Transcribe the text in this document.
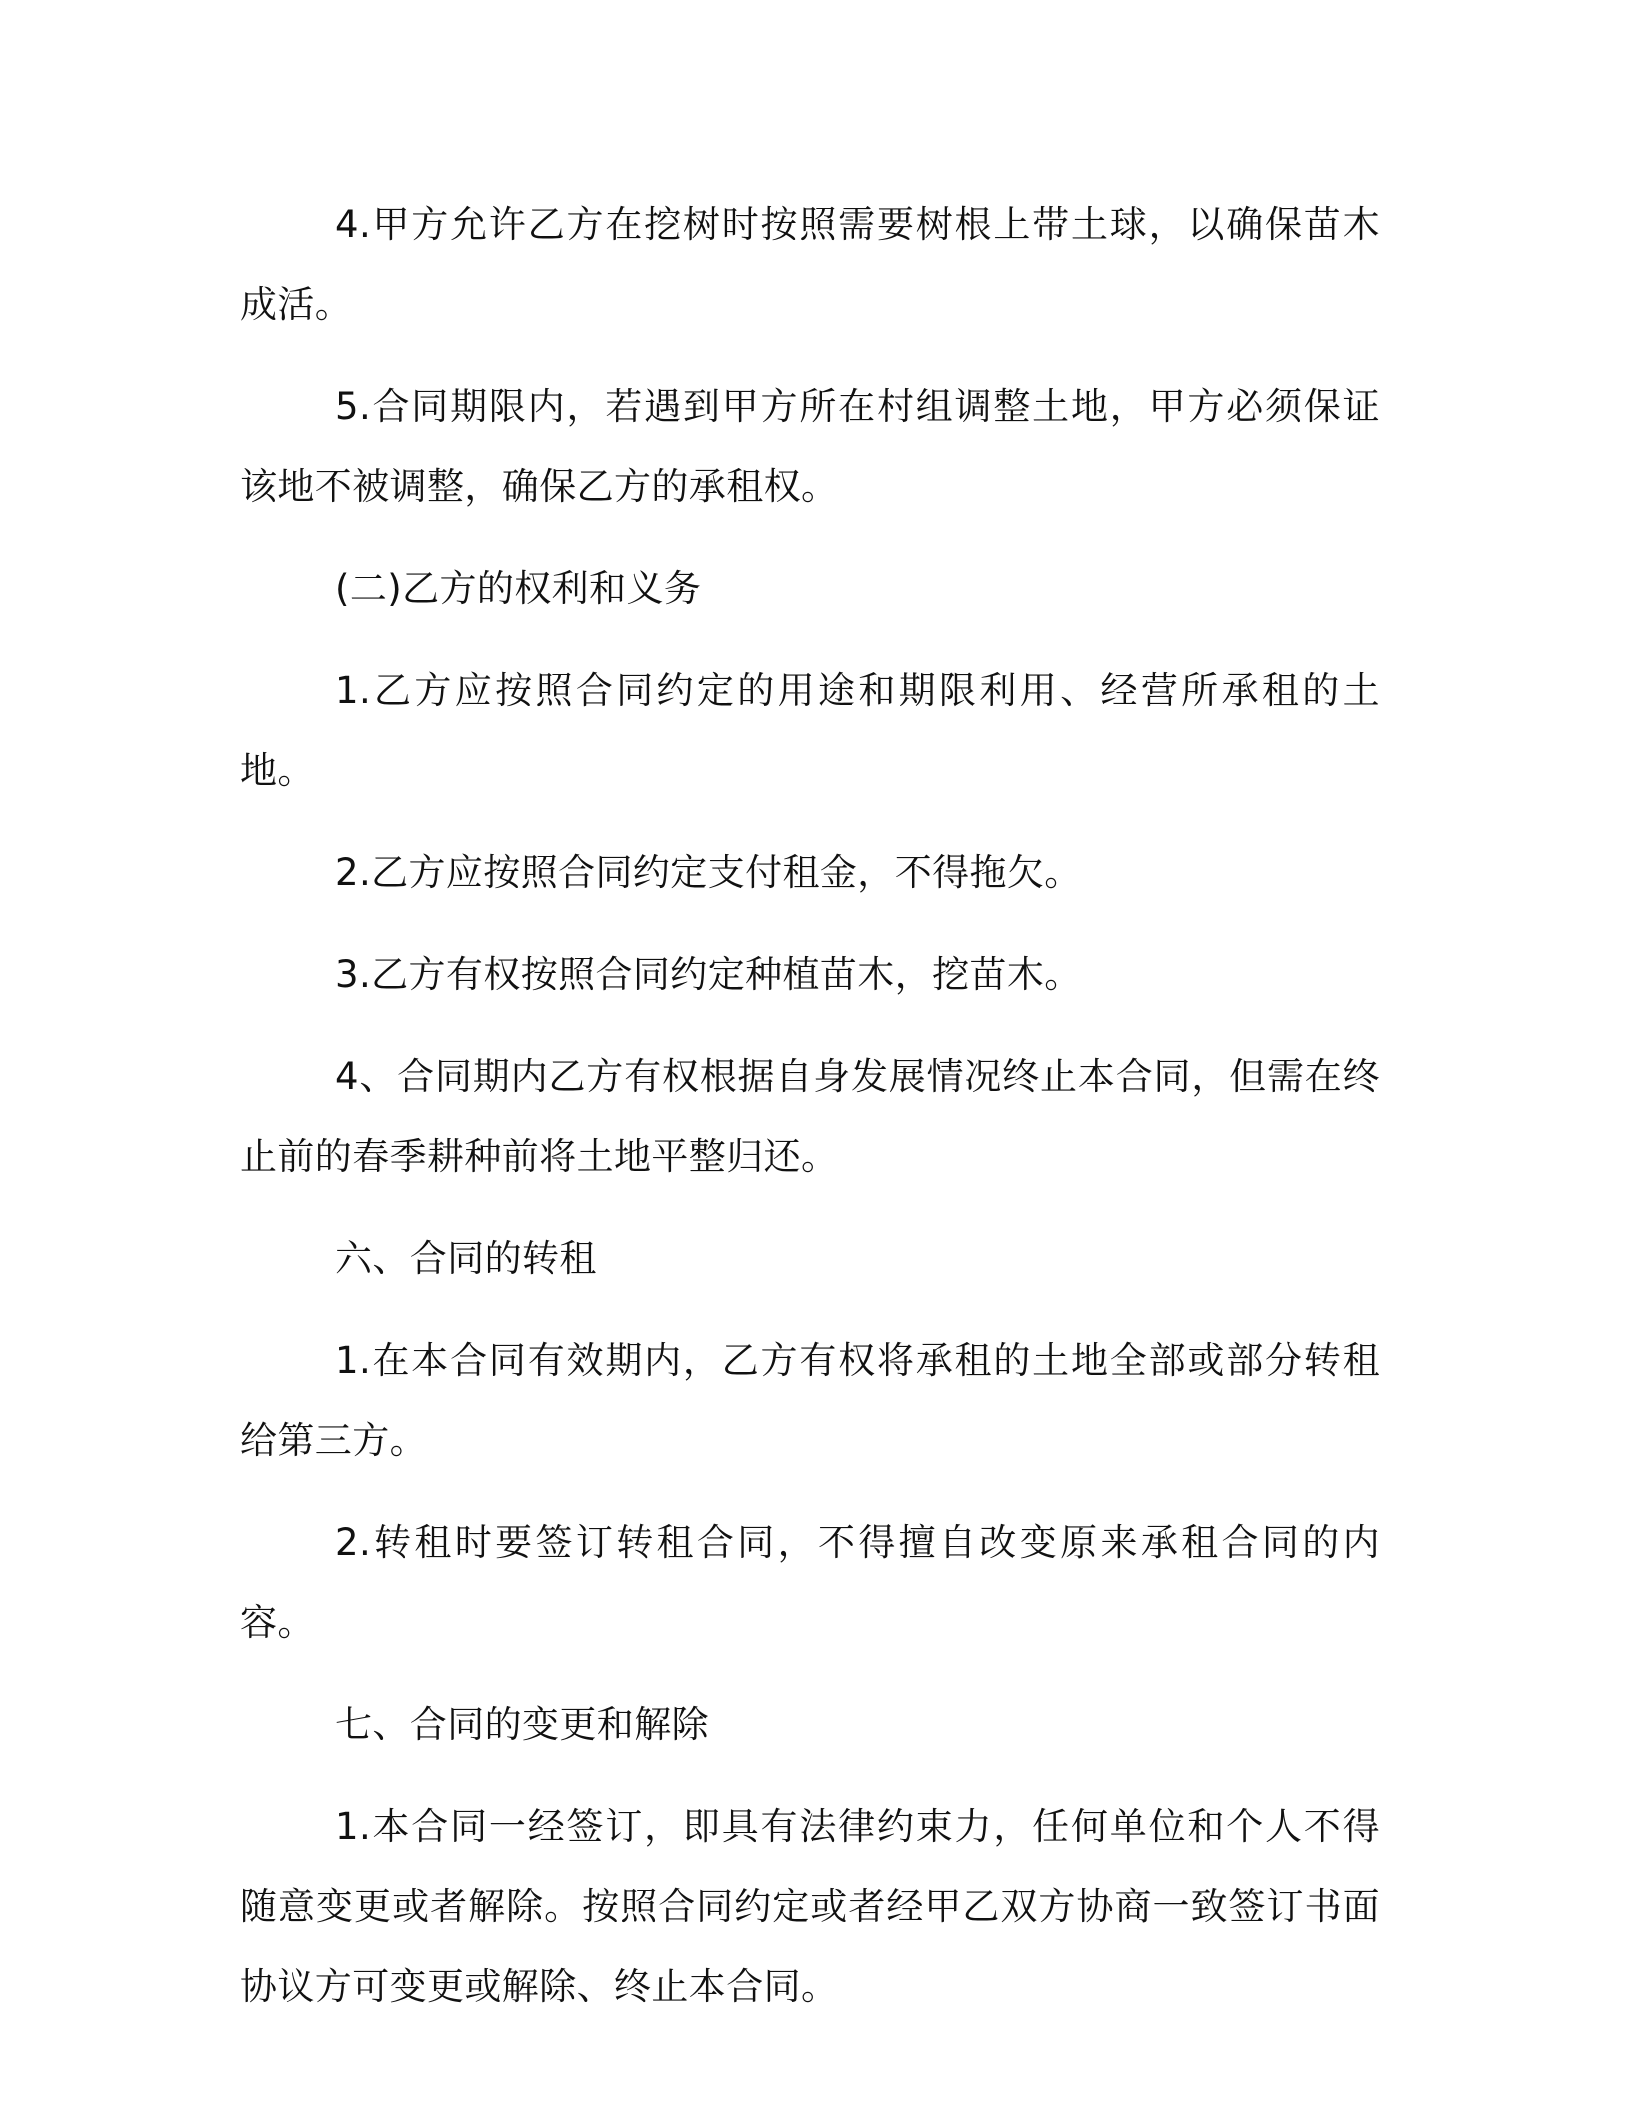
4.甲方允许乙方在挖树时按照需要树根上带土球，以确保苗木成活。

5.合同期限内，若遇到甲方所在村组调整土地，甲方必须保证该地不被调整，确保乙方的承租权。

(二)乙方的权利和义务

1.乙方应按照合同约定的用途和期限利用、经营所承租的土地。

2.乙方应按照合同约定支付租金，不得拖欠。

3.乙方有权按照合同约定种植苗木，挖苗木。

4、合同期内乙方有权根据自身发展情况终止本合同，但需在终止前的春季耕种前将土地平整归还。

六、合同的转租

1.在本合同有效期内，乙方有权将承租的土地全部或部分转租给第三方。

2.转租时要签订转租合同，不得擅自改变原来承租合同的内容。

七、合同的变更和解除

1.本合同一经签订，即具有法律约束力，任何单位和个人不得随意变更或者解除。按照合同约定或者经甲乙双方协商一致签订书面协议方可变更或解除、终止本合同。
